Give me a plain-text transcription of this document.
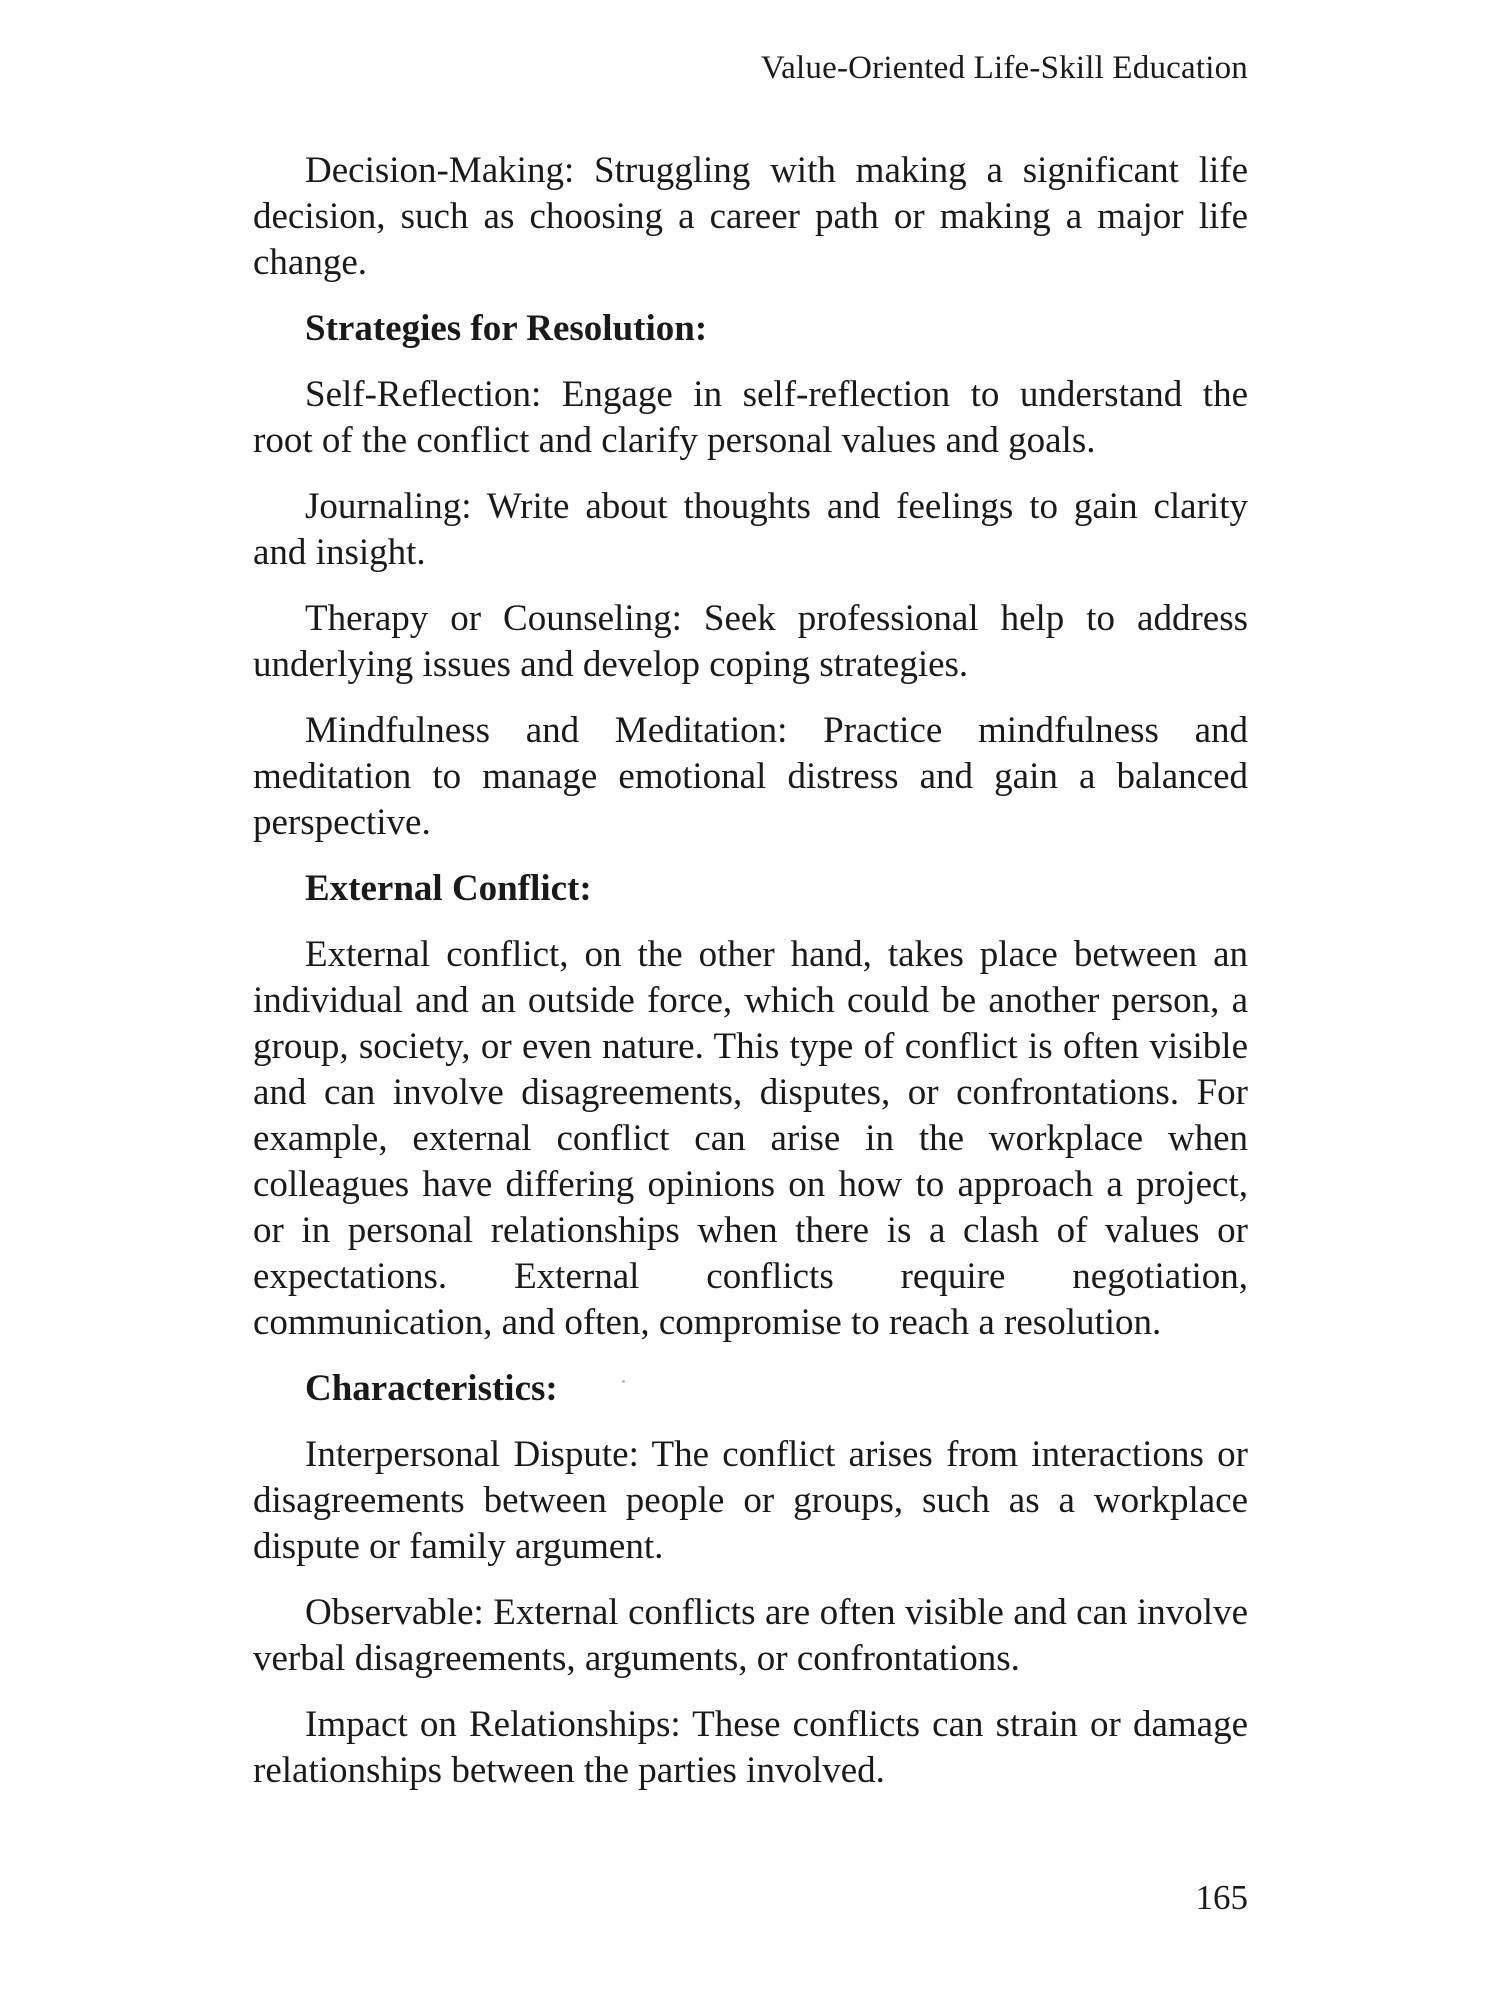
Value-Oriented Life-Skill Education

Decision-Making: Struggling with making a significant life decision, such as choosing a career path or making a major life change.

Strategies for Resolution:

Self-Reflection: Engage in self-reflection to understand the root of the conflict and clarify personal values and goals.

Journaling: Write about thoughts and feelings to gain clarity and insight.

Therapy or Counseling: Seek professional help to address underlying issues and develop coping strategies.

Mindfulness and Meditation: Practice mindfulness and meditation to manage emotional distress and gain a balanced perspective.

External Conflict:

External conflict, on the other hand, takes place between an individual and an outside force, which could be another person, a group, society, or even nature. This type of conflict is often visible and can involve disagreements, disputes, or confrontations. For example, external conflict can arise in the workplace when colleagues have differing opinions on how to approach a project, or in personal relationships when there is a clash of values or expectations. External conflicts require negotiation, communication, and often, compromise to reach a resolution.

Characteristics:

Interpersonal Dispute: The conflict arises from interactions or disagreements between people or groups, such as a workplace dispute or family argument.

Observable: External conflicts are often visible and can involve verbal disagreements, arguments, or confrontations.

Impact on Relationships: These conflicts can strain or damage relationships between the parties involved.

165
